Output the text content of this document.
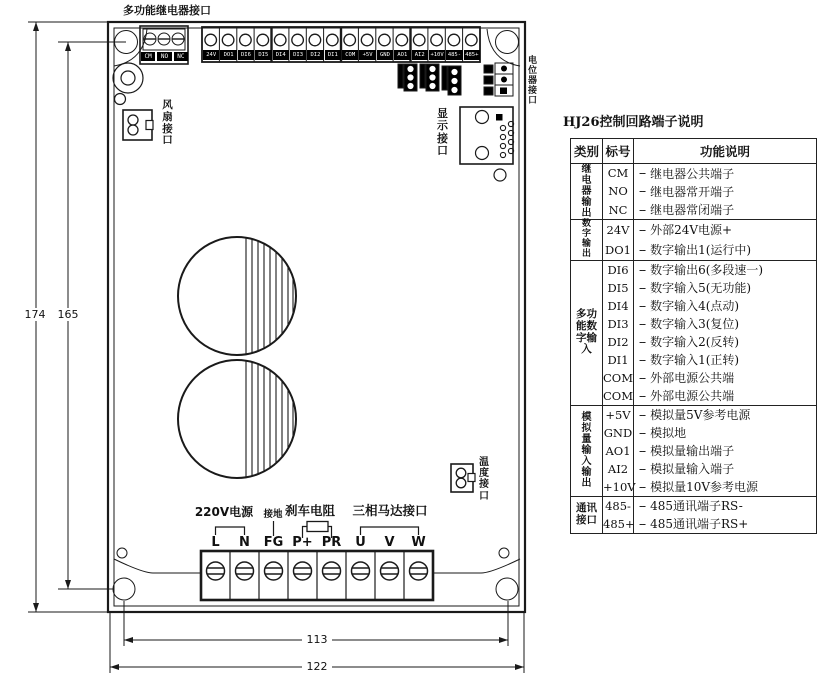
多功能继电器接口
CM	NO	NC	24V	DO1	DI6	DI5	DI4	DI3	DI2	DI1	COM	+5V	GND	AO1	AI2	+10V 485- 485+
风扇接口
电位器接口
显示接口
温度接口
220V电源	接地 刹车电阻	三相马达接口
L	N	FG P+ PR	U	V	W
174	165
113
122
HJ26控制回路端子说明
类别	标号	功能说明

继电器输出	CM	-- 继电器公共端子

	NO	-- 继电器常开端子

	NC	-- 继电器常闭端子

数字输出	24V	-- 外部24V电源+

	DO1	-- 数字输出1(运行中)

多功能数字输入	DI6	-- 数字输出6(多段速一)

	DI5	-- 数字输入5(无功能)

	DI4	-- 数字输入4(点动)

	DI3	-- 数字输入3(复位)

	DI2	-- 数字输入2(反转)

	DI1	-- 数字输入1(正转)

	COM	-- 外部电源公共端

	COM	-- 外部电源公共端

模拟量输入输出	+5V	-- 模拟量5V参考电源

	GND	-- 模拟地

	AO1	-- 模拟量输出端子

	AI2	-- 模拟量输入端子

	+10V	-- 模拟量10V参考电源

通讯接口	485-	-- 485通讯端子RS-

	485+	-- 485通讯端子RS+
